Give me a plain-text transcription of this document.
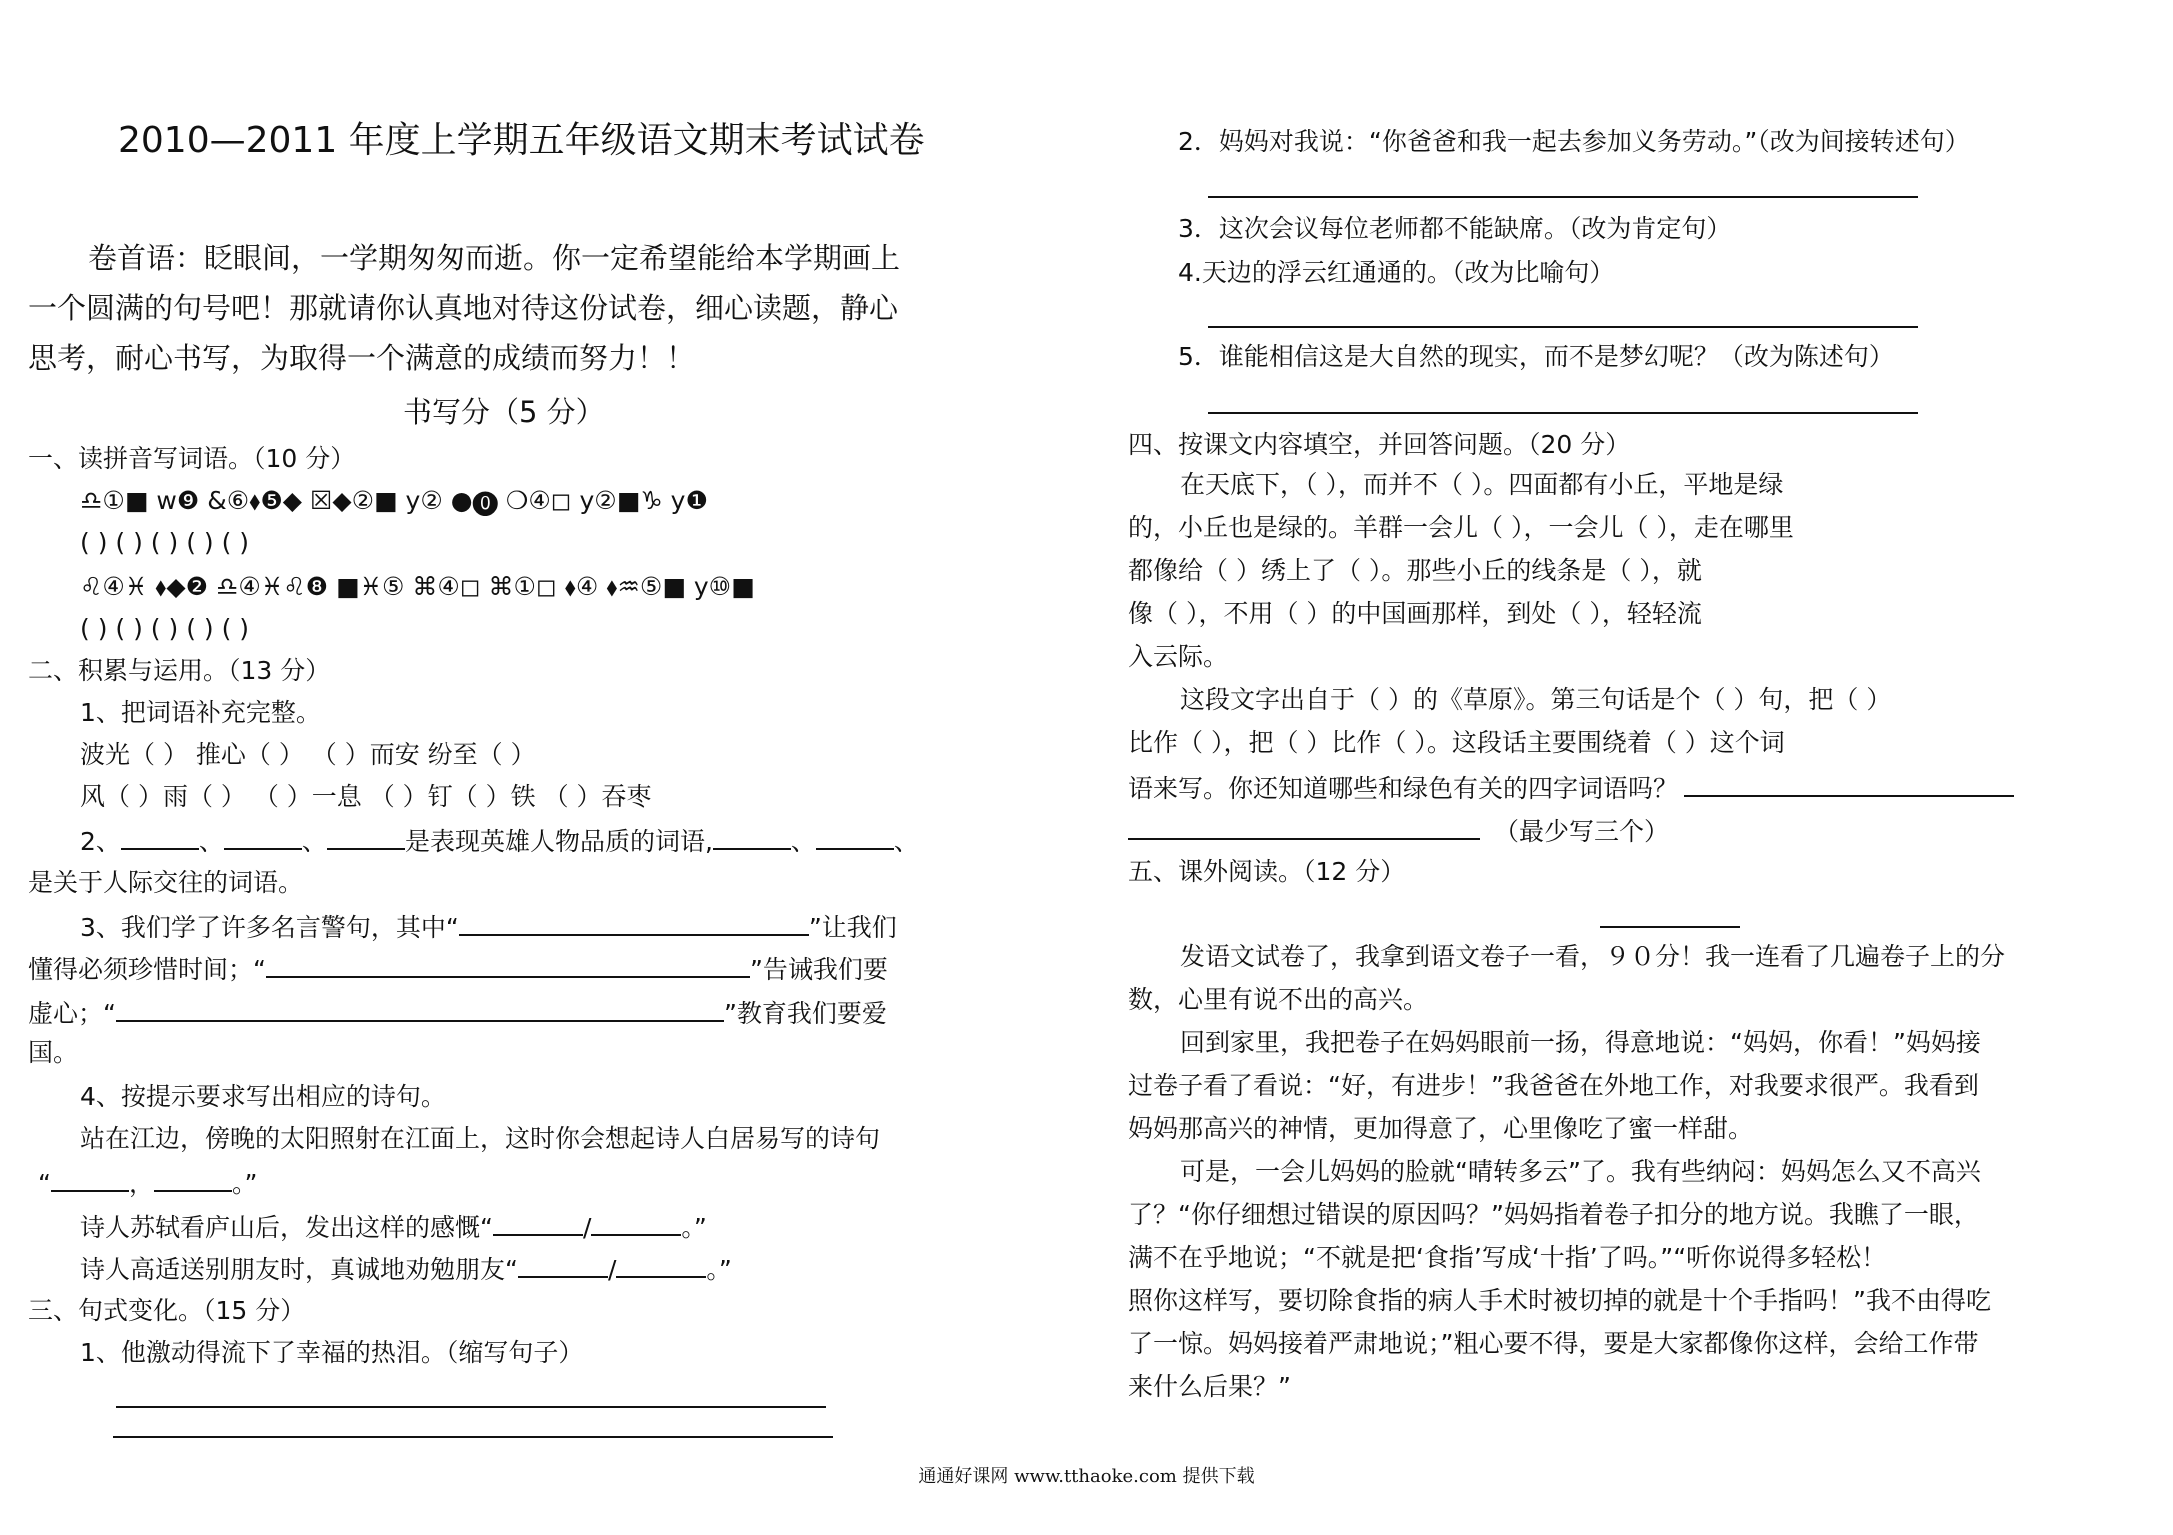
2010—2011 年度上学期五年级语文期末考试试卷
卷首语：眨眼间，一学期匆匆而逝。你一定希望能给本学期画上
一个圆满的句号吧！那就请你认真地对待这份试卷，细心读题，静心
思考，耐心书写，为取得一个满意的成绩而努力！！
书写分（5 分）
一、读拼音写词语。（10 分）
♎①■ w❾ &⑥⬧❺◆ ☒◆②■ y② ●⓿ ❍④◻ y②■♑ y❶
( ) ( ) ( ) ( ) ( )
♌④♓ ⬧◆❷ ♎④♓♌❽ ■♓⑤ ⌘④◻ ⌘①◻ ⬧④ ⬧♒⑤■ y⑩■
( ) ( ) ( ) ( ) ( )
二、积累与运用。（13 分）
1、把词语补充完整。
波光（ ） 推心（ ） （ ）而安 纷至（ ）
风（ ）雨（ ） （ ）一息 （ ）钉（ ）铁 （ ）吞枣
2、	、	、	是表现英雄人物品质的词语,	、	、
是关于人际交往的词语。
3、我们学了许多名言警句，其中“	”让我们
懂得必须珍惜时间；“	”告诫我们要
虚心；“	”教育我们要爱
国。
4、按提示要求写出相应的诗句。
站在江边，傍晚的太阳照射在江面上，这时你会想起诗人白居易写的诗句
“	，	。”
诗人苏轼看庐山后，发出这样的感慨“	/	。”
诗人高适送别朋友时，真诚地劝勉朋友“	/	。”
三、句式变化。（15 分）
1、他激动得流下了幸福的热泪。（缩写句子）
2．妈妈对我说：“你爸爸和我一起去参加义务劳动。”（改为间接转述句）
3．这次会议每位老师都不能缺席。（改为肯定句）
4.天边的浮云红通通的。（改为比喻句）
5．谁能相信这是大自然的现实，而不是梦幻呢？（改为陈述句）
四、按课文内容填空，并回答问题。（20 分）
在天底下，（ ），而并不（ ）。四面都有小丘，平地是绿
的，小丘也是绿的。羊群一会儿（ ），一会儿（ ），走在哪里
都像给（ ）绣上了（ ）。那些小丘的线条是（ ），就
像（ ），不用（ ）的中国画那样，到处（ ），轻轻流
入云际。
这段文字出自于（ ）的《草原》。第三句话是个（ ）句，把（ ）
比作（ ），把（ ）比作（ ）。这段话主要围绕着（ ）这个词
语来写。你还知道哪些和绿色有关的四字词语吗？
（最少写三个）
五、课外阅读。（12 分）
发语文试卷了，我拿到语文卷子一看，９０分！我一连看了几遍卷子上的分
数，心里有说不出的高兴。
回到家里，我把卷子在妈妈眼前一扬，得意地说：“妈妈，你看！”妈妈接
过卷子看了看说：“好，有进步！”我爸爸在外地工作，对我要求很严。我看到
妈妈那高兴的神情，更加得意了，心里像吃了蜜一样甜。
可是，一会儿妈妈的脸就“晴转多云”了。我有些纳闷：妈妈怎么又不高兴
了？“你仔细想过错误的原因吗？”妈妈指着卷子扣分的地方说。我瞧了一眼，
满不在乎地说；“不就是把‘食指’写成‘十指’了吗。”“听你说得多轻松！
照你这样写，要切除食指的病人手术时被切掉的就是十个手指吗！”我不由得吃
了一惊。妈妈接着严肃地说；”粗心要不得，要是大家都像你这样，会给工作带
来什么后果？”
通通好课网 www.tthaoke.com 提供下载
